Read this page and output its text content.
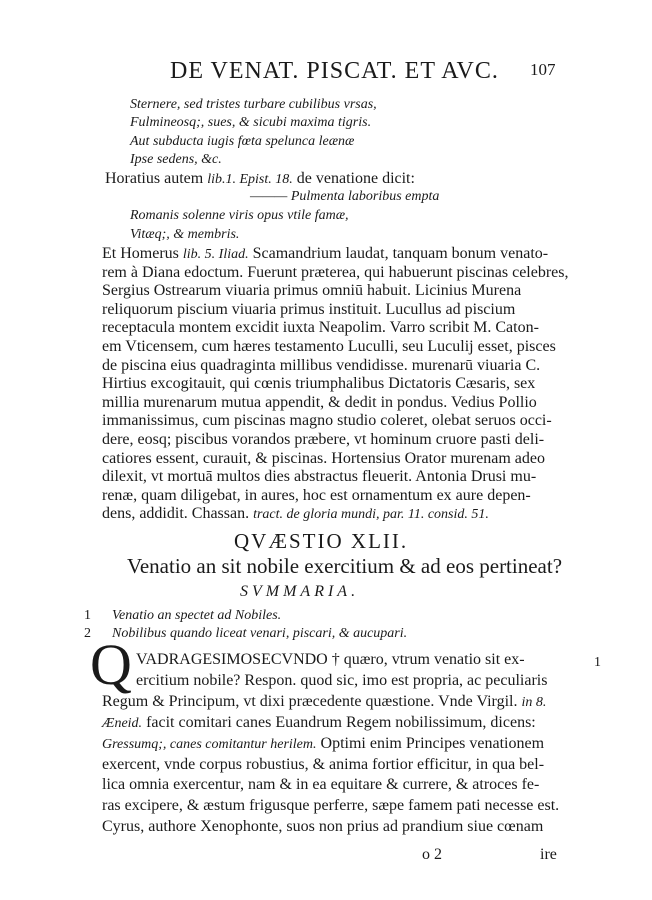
DE VENAT. PISCAT. ET AVC. 107
Sternere, sed tristes turbare cubilibus vrsas,
Fulmineosq;, sues, & sicubi maxima tigris.
Aut subducta iugis fœta spelunca leænæ
Ipse sedens, &c.
Horatius autem lib.1. Epist. 18. de venatione dicit:
——— Pulmenta laboribus empta
Romanis solenne viris opus vtile famæ,
Vitæq;, & membris.
Et Homerus lib. 5. Iliad. Scamandrium laudat, tanquam bonum venato-
rem à Diana edoctum. Fuerunt præterea, qui habuerunt piscinas celebres,
Sergius Ostrearum viuaria primus omniū habuit. Licinius Murena
reliquorum piscium viuaria primus instituit. Lucullus ad piscium
receptacula montem excidit iuxta Neapolim. Varro scribit M. Caton-
em Vticensem, cum hæres testamento Luculli, seu Luculij esset, pisces
de piscina eius quadraginta millibus vendidisse. murenarū viuaria C.
Hirtius excogitauit, qui cœnis triumphalibus Dictatoris Cæsaris, sex
millia murenarum mutua appendit, & dedit in pondus. Vedius Pollio
immanissimus, cum piscinas magno studio coleret, olebat seruos occi-
dere, eosq; piscibus vorandos præbere, vt hominum cruore pasti deli-
catiores essent, curauit, & piscinas. Hortensius Orator murenam adeo
dilexit, vt mortuā multos dies abstractus fleuerit. Antonia Drusi mu-
renæ, quam diligebat, in aures, hoc est ornamentum ex aure depen-
dens, addidit. Chassan. tract. de gloria mundi, par. 11. consid. 51.
QVÆSTIO XLII.
Venatio an sit nobile exercitium & ad eos pertineat?
SVMMARIA.
1 Venatio an spectet ad Nobiles.
2 Nobilibus quando liceat venari, piscari, & aucupari.
Q	1
VADRAGESIMOSECVNDO † quæro, vtrum venatio sit ex-
ercitium nobile? Respon. quod sic, imo est propria, ac peculiaris
Regum & Principum, vt dixi præcedente quæstione. Vnde Virgil. in 8.
Æneid. facit comitari canes Euandrum Regem nobilissimum, dicens:
Gressumq;, canes comitantur herilem. Optimi enim Principes venationem
exercent, vnde corpus robustius, & anima fortior efficitur, in qua bel-
lica omnia exercentur, nam & in ea equitare & currere, & atroces fe-
ras excipere, & æstum frigusque perferre, sæpe famem pati necesse est.
Cyrus, authore Xenophonte, suos non prius ad prandium siue cœnam
o 2	ire
